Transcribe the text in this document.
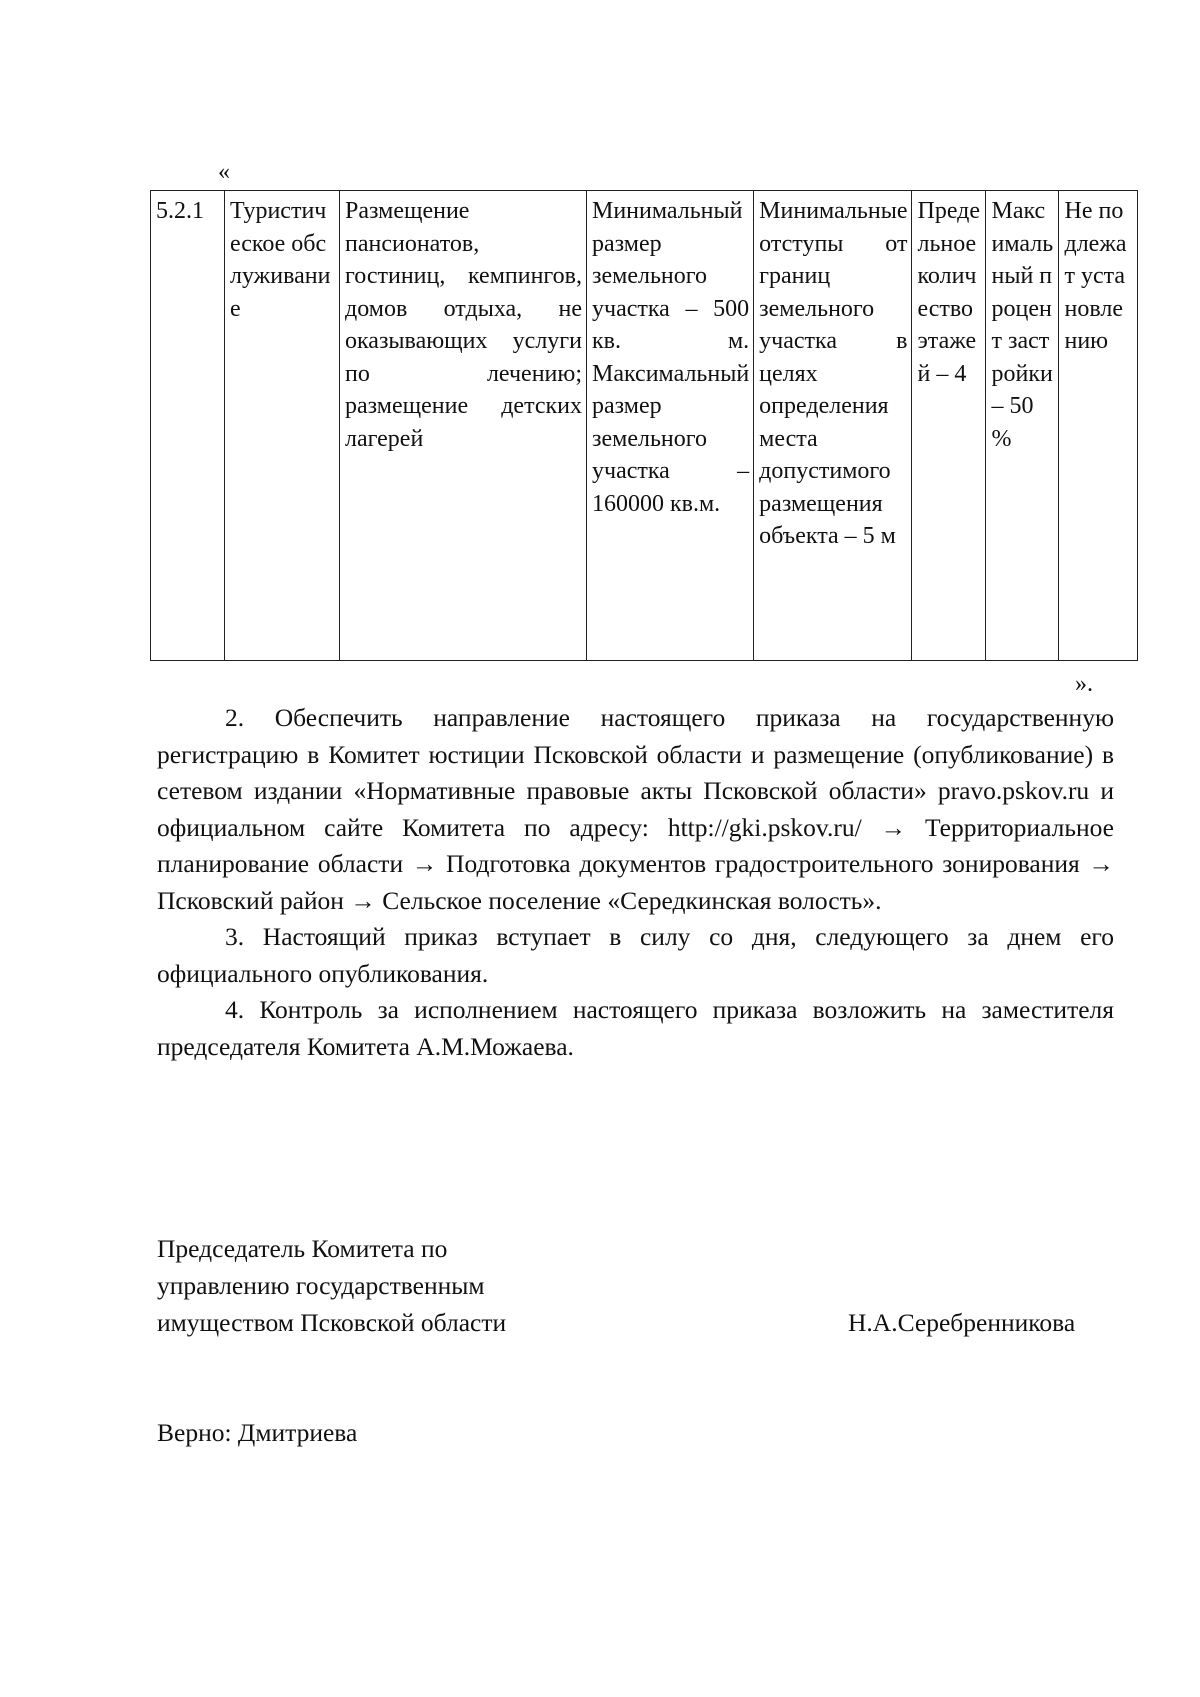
«
5.2.1	Туристическое обслуживание	Размещение пансионатов, гостиниц, кемпингов, домов отдыха, не оказывающих услуги по лечению; размещение детских лагерей	Минимальный размер земельного участка – 500 кв. м. Максимальный размер земельного участка – 160000 кв.м.	Минимальные отступы от границ земельного участка в целях определения места допустимого размещения объекта – 5 м	Предельное количество этажей – 4	Максимальный процент застройки – 50 %	Не подлежат установлению
».

2. Обеспечить направление настоящего приказа на государственную регистрацию в Комитет юстиции Псковской области и размещение (опубликование) в сетевом издании «Нормативные правовые акты Псковской области» pravo.pskov.ru и официальном сайте Комитета по адресу: http://gki.pskov.ru/ → Территориальное планирование области → Подготовка документов градостроительного зонирования → Псковский район → Сельское поселение «Середкинская волость».

3. Настоящий приказ вступает в силу со дня, следующего за днем его официального опубликования.

4. Контроль за исполнением настоящего приказа возложить на заместителя председателя Комитета А.М.Можаева.

Председатель Комитета по
управлению государственным
имуществом Псковской области	Н.А.Серебренникова
Верно: Дмитриева
